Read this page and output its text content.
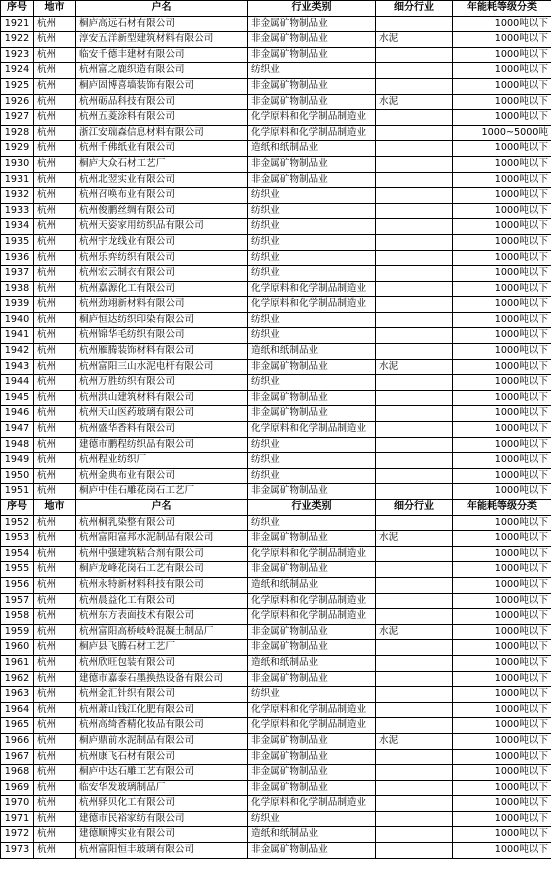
序号	地市	户名	行业类别	细分行业	年能耗等级分类
1921	杭州	桐庐高远石材有限公司	非金属矿物制品业		1000吨以下
1922	杭州	淳安五洋新型建筑材料有限公司	非金属矿物制品业	水泥	1000吨以下
1923	杭州	临安千德丰建材有限公司	非金属矿物制品业		1000吨以下
1924	杭州	杭州富之鹿织造有限公司	纺织业		1000吨以下
1925	杭州	桐庐固博喜墙装饰有限公司	非金属矿物制品业		1000吨以下
1926	杭州	杭州砺品科技有限公司	非金属矿物制品业	水泥	1000吨以下
1927	杭州	杭州五菱涂料有限公司	化学原料和化学制品制造业		1000吨以下
1928	杭州	浙江安瑞森信息材料有限公司	化学原料和化学制品制造业		1000~5000吨
1929	杭州	杭州千佛纸业有限公司	造纸和纸制品业		1000吨以下
1930	杭州	桐庐大众石材工艺厂	非金属矿物制品业		1000吨以下
1931	杭州	杭州北翌实业有限公司	非金属矿物制品业		1000吨以下
1932	杭州	杭州召唤布业有限公司	纺织业		1000吨以下
1933	杭州	杭州俊鹏丝绸有限公司	纺织业		1000吨以下
1934	杭州	杭州天姿家用纺织品有限公司	纺织业		1000吨以下
1935	杭州	杭州宇龙线业有限公司	纺织业		1000吨以下
1936	杭州	杭州乐弈纺织有限公司	纺织业		1000吨以下
1937	杭州	杭州宏云制衣有限公司	纺织业		1000吨以下
1938	杭州	杭州嘉源化工有限公司	化学原料和化学制品制造业		1000吨以下
1939	杭州	杭州劲翊新材料有限公司	化学原料和化学制品制造业		1000吨以下
1940	杭州	桐庐恒达纺织印染有限公司	纺织业		1000吨以下
1941	杭州	杭州锦华毛纺织有限公司	纺织业		1000吨以下
1942	杭州	杭州雁腾装饰材料有限公司	造纸和纸制品业		1000吨以下
1943	杭州	杭州富阳三山水泥电杆有限公司	非金属矿物制品业	水泥	1000吨以下
1944	杭州	杭州万胜纺织有限公司	纺织业		1000吨以下
1945	杭州	杭州洪山建筑材料有限公司	非金属矿物制品业		1000吨以下
1946	杭州	杭州天山医药玻璃有限公司	非金属矿物制品业		1000吨以下
1947	杭州	杭州盛华香料有限公司	化学原料和化学制品制造业		1000吨以下
1948	杭州	建德市鹏程纺织品有限公司	纺织业		1000吨以下
1949	杭州	杭州程业纺织厂	纺织业		1000吨以下
1950	杭州	杭州金典布业有限公司	纺织业		1000吨以下
1951	杭州	桐庐中佳石雕花岗石工艺厂	非金属矿物制品业		1000吨以下
序号	地市	户名	行业类别	细分行业	年能耗等级分类
1952	杭州	杭州桐乳染整有限公司	纺织业		1000吨以下
1953	杭州	杭州富阳富邦水泥制品有限公司	非金属矿物制品业	水泥	1000吨以下
1954	杭州	杭州中强建筑粘合剂有限公司	化学原料和化学制品制造业		1000吨以下
1955	杭州	桐庐龙峰花岗石工艺有限公司	非金属矿物制品业		1000吨以下
1956	杭州	杭州永特新材料科技有限公司	造纸和纸制品业		1000吨以下
1957	杭州	杭州晨益化工有限公司	化学原料和化学制品制造业		1000吨以下
1958	杭州	杭州东方表面技术有限公司	化学原料和化学制品制造业		1000吨以下
1959	杭州	杭州富阳高桥岐岭混凝土制品厂	非金属矿物制品业	水泥	1000吨以下
1960	杭州	桐庐县飞腾石材工艺厂	非金属矿物制品业		1000吨以下
1961	杭州	杭州欣旺包装有限公司	造纸和纸制品业		1000吨以下
1962	杭州	建德市嘉泰石墨换热设备有限公司	非金属矿物制品业		1000吨以下
1963	杭州	杭州金汇针织有限公司	纺织业		1000吨以下
1964	杭州	杭州萧山钱江化肥有限公司	化学原料和化学制品制造业		1000吨以下
1965	杭州	杭州高绮香精化妆品有限公司	化学原料和化学制品制造业		1000吨以下
1966	杭州	桐庐鼎前水泥制品有限公司	非金属矿物制品业	水泥	1000吨以下
1967	杭州	杭州康飞石材有限公司	非金属矿物制品业		1000吨以下
1968	杭州	桐庐中达石雕工艺有限公司	非金属矿物制品业		1000吨以下
1969	杭州	临安华发玻璃制品厂	非金属矿物制品业		1000吨以下
1970	杭州	杭州驿贝化工有限公司	化学原料和化学制品制造业		1000吨以下
1971	杭州	建德市民裕家纺有限公司	纺织业		1000吨以下
1972	杭州	建德顺博实业有限公司	造纸和纸制品业		1000吨以下
1973	杭州	杭州富阳恒丰玻璃有限公司	非金属矿物制品业		1000吨以下
